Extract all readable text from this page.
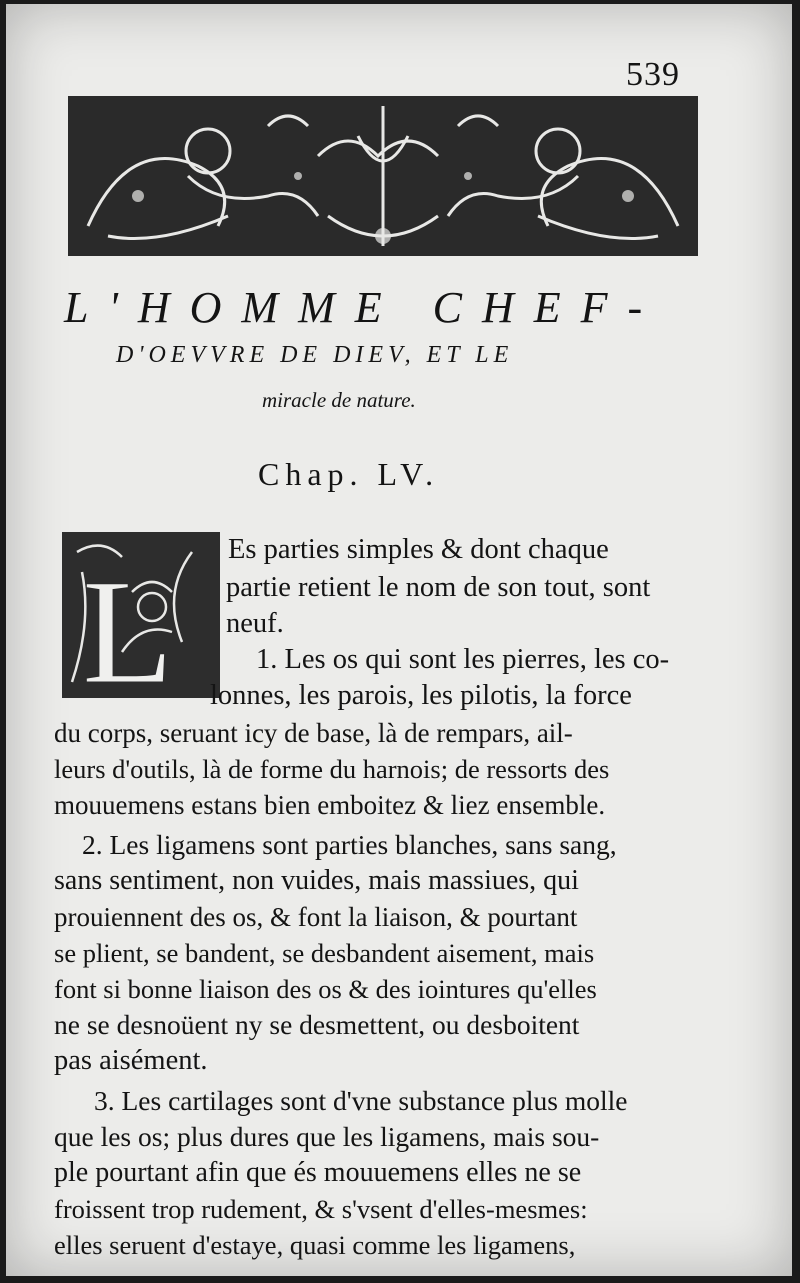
539
L'HOMME CHEF-
D'OEVVRE DE DIEV, ET LE
miracle de nature.
Chap. LV.
L Es parties simples & dont chaque
partie retient le nom de son tout, sont
neuf.
1. Les os qui sont les pierres, les co-
lonnes, les parois, les pilotis, la force
du corps, seruant icy de base, là de rempars, ail-
leurs d'outils, là de forme du harnois; de ressorts des
mouuemens estans bien emboitez & liez ensemble.
2. Les ligamens sont parties blanches, sans sang,
sans sentiment, non vuides, mais massiues, qui
prouiennent des os, & font la liaison, & pourtant
se plient, se bandent, se desbandent aisement, mais
font si bonne liaison des os & des iointures qu'elles
ne se desnoüent ny se desmettent, ou desboitent
pas aisément.
3. Les cartilages sont d'vne substance plus molle
que les os; plus dures que les ligamens, mais sou-
ple pourtant afin que és mouuemens elles ne se
froissent trop rudement, & s'vsent d'elles-mesmes:
elles seruent d'estaye, quasi comme les ligamens,
